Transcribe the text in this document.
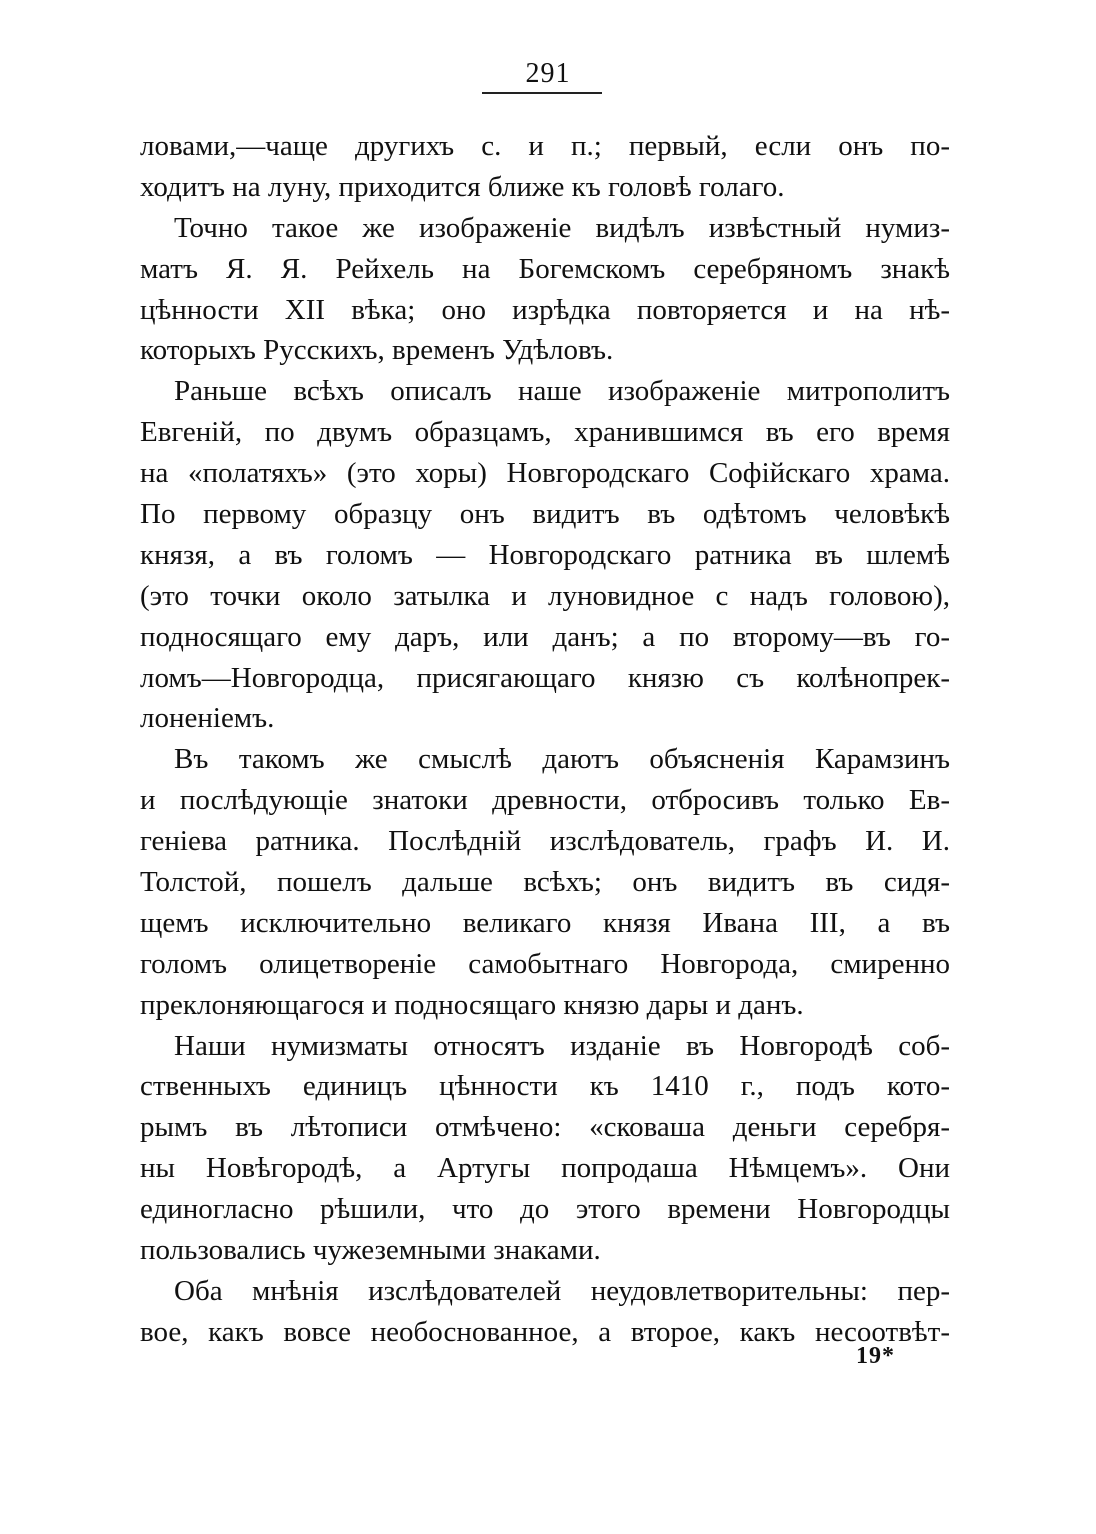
291
ловами,—чаще другихъ с. и п.; первый, если онъ по-
ходитъ на луну, приходится ближе къ головѣ голаго.
Точно такое же изображеніе видѣлъ извѣстный нумиз-
матъ Я. Я. Рейхель на Богемскомъ серебряномъ знакѣ
цѣнности XII вѣка; оно изрѣдка повторяется и на нѣ-
которыхъ Русскихъ, временъ Удѣловъ.
Раньше всѣхъ описалъ наше изображеніе митрополитъ
Евгеній, по двумъ образцамъ, хранившимся въ его время
на «полатяхъ» (это хоры) Новгородскаго Софійскаго храма.
По первому образцу онъ видитъ въ одѣтомъ человѣкѣ
князя, а въ голомъ — Новгородскаго ратника въ шлемѣ
(это точки около затылка и луновидное с надъ головою),
подносящаго ему даръ, или данъ; а по второму—въ го-
ломъ—Новгородца, присягающаго князю съ колѣнопрек-
лоненіемъ.
Въ такомъ же смыслѣ даютъ объясненія Карамзинъ
и послѣдующіе знатоки древности, отбросивъ только Ев-
геніева ратника. Послѣдній изслѣдователь, графъ И. И.
Толстой, пошелъ дальше всѣхъ; онъ видитъ въ сидя-
щемъ исключительно великаго князя Ивана III, а въ
голомъ олицетвореніе самобытнаго Новгорода, смиренно
преклоняющагося и подносящаго князю дары и данъ.
Наши нумизматы относятъ изданіе въ Новгородѣ соб-
ственныхъ единицъ цѣнности къ 1410 г., подъ кото-
рымъ въ лѣтописи отмѣчено: «сковаша деньги серебря-
ны Новѣгородѣ, а Артугы попродаша Нѣмцемъ». Они
единогласно рѣшили, что до этого времени Новгородцы
пользовались чужеземными знаками.
Оба мнѣнія изслѣдователей неудовлетворительны: пер-
вое, какъ вовсе необоснованное, а второе, какъ несоотвѣт-
19*
